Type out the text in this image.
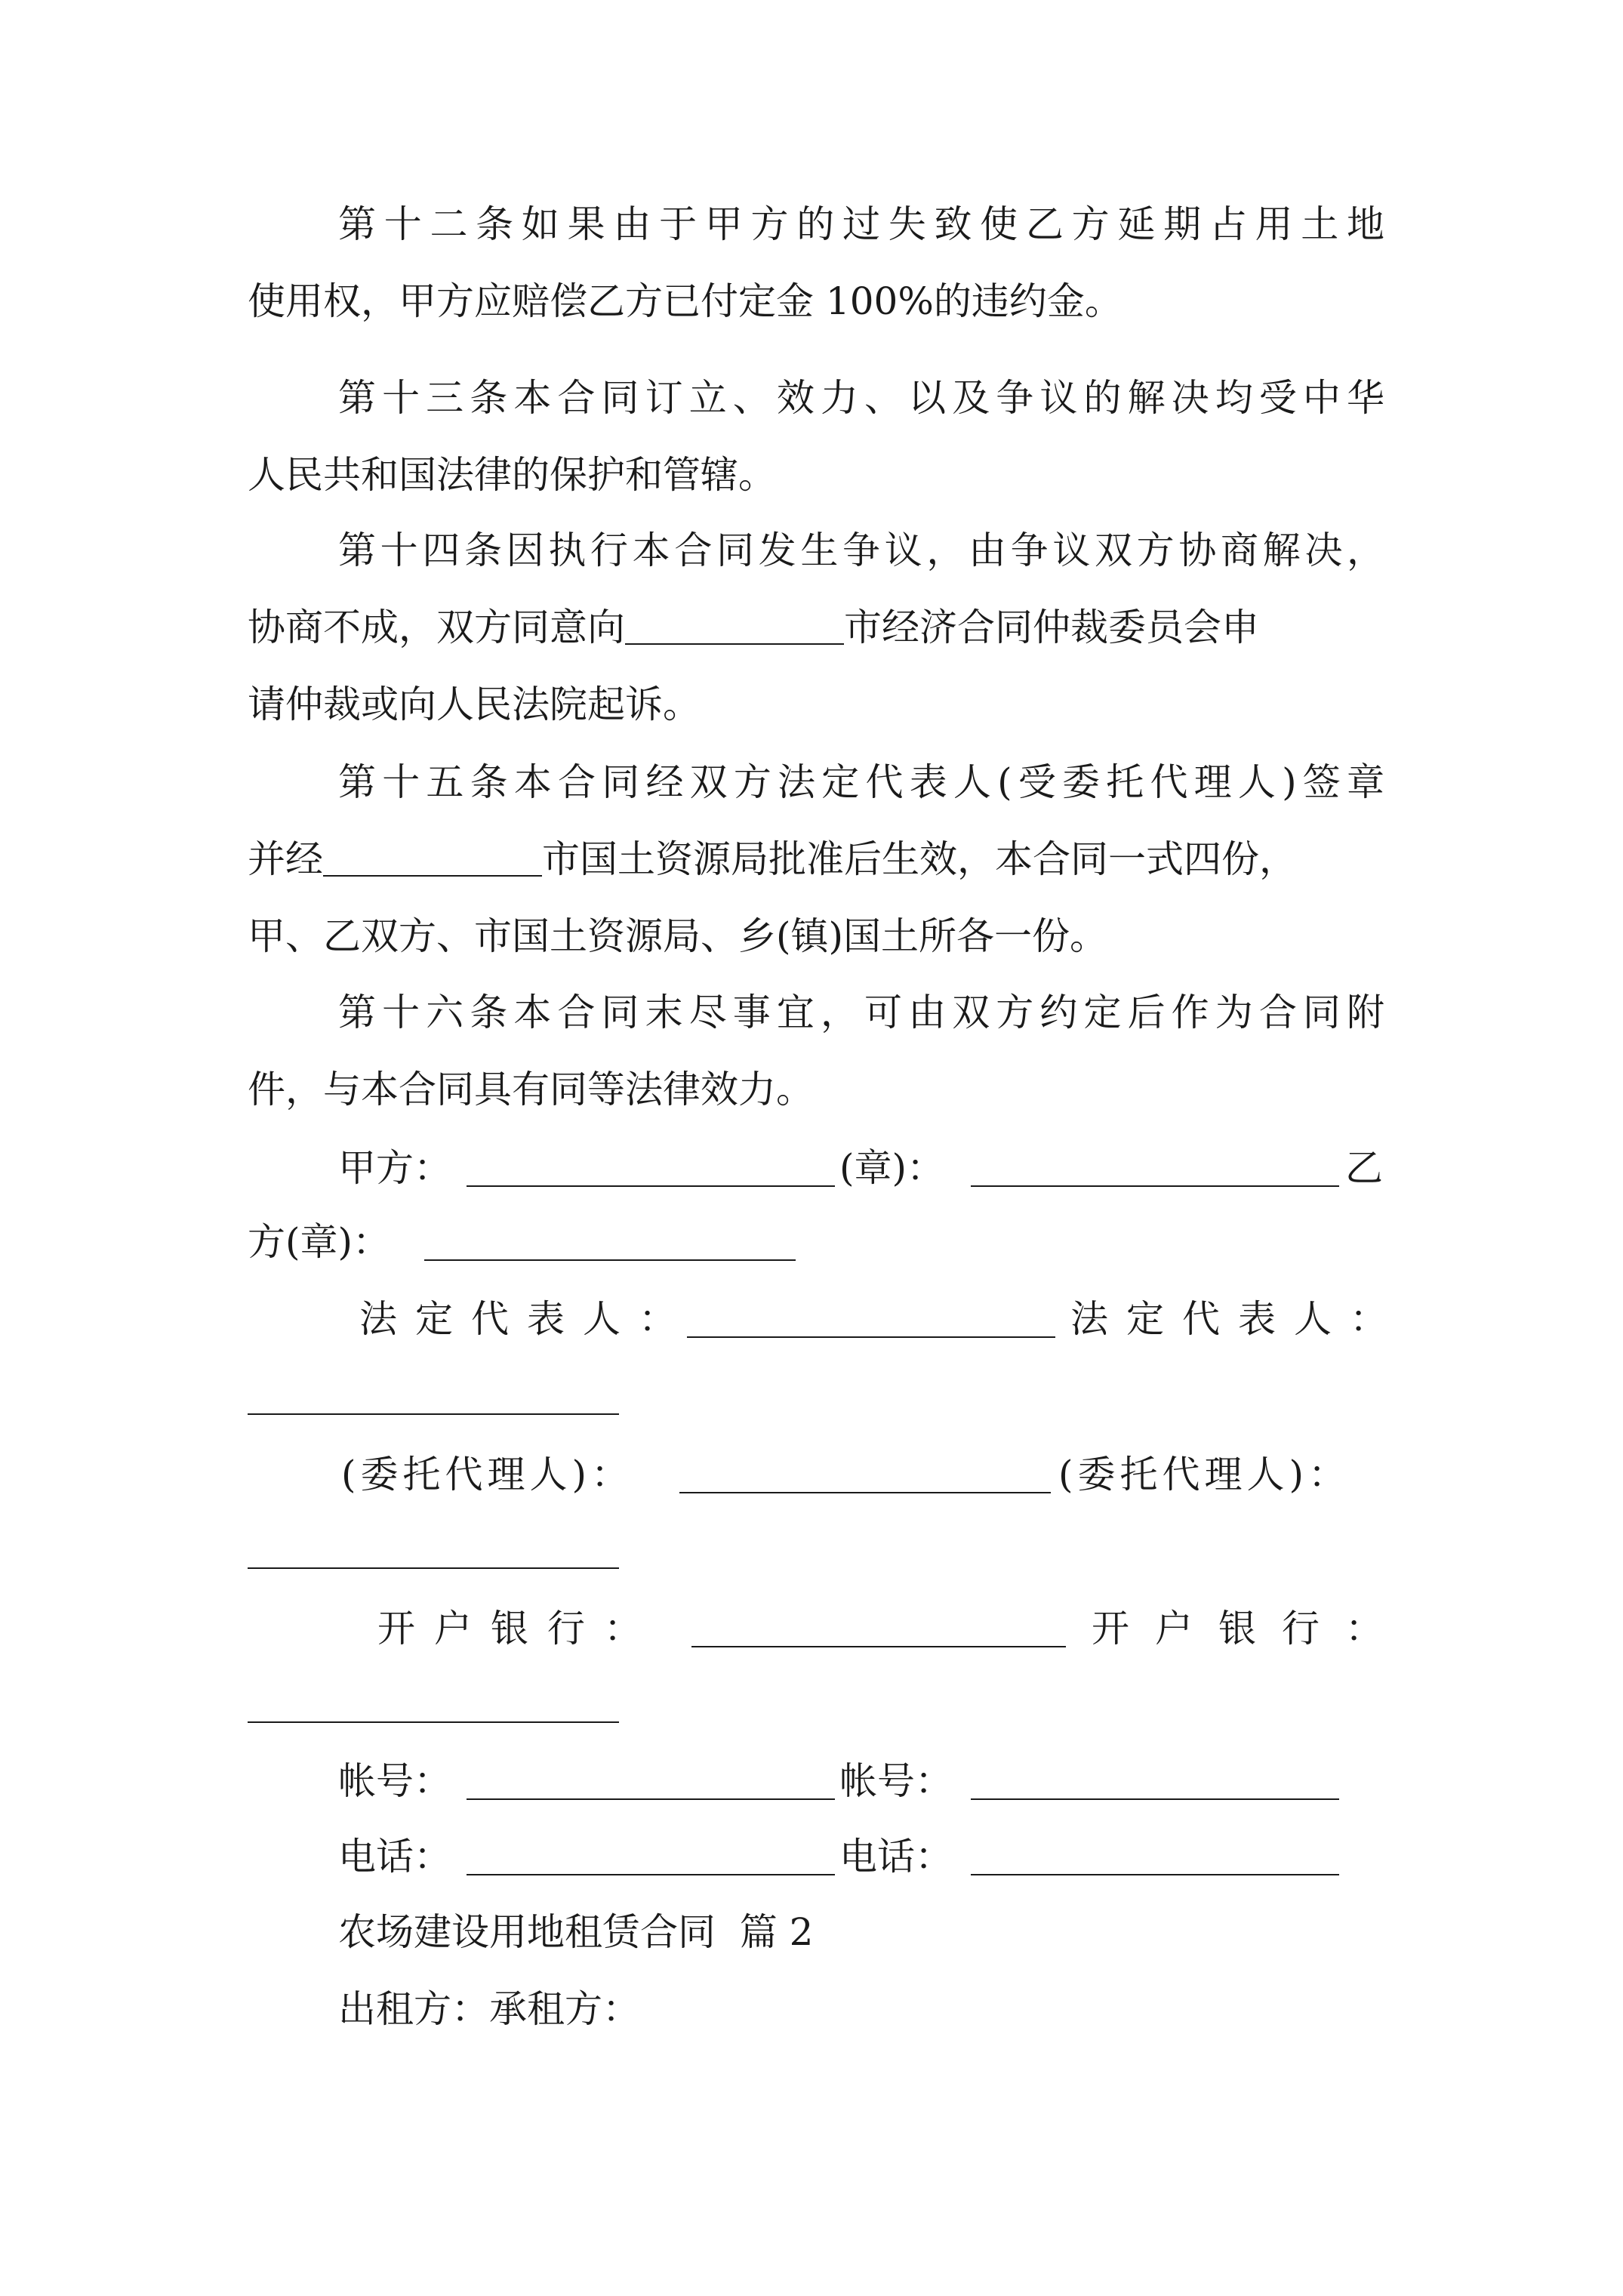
第十二条如果由于甲方的过失致使乙方延期占用土地
使用权，甲方应赔偿乙方已付定金 100%的违约金。
第十三条本合同订立、效力、以及争议的解决均受中华
人民共和国法律的保护和管辖。
第十四条因执行本合同发生争议，由争议双方协商解决，
协商不成，双方同意向	市经济合同仲裁委员会申
请仲裁或向人民法院起诉。
第十五条本合同经双方法定代表人(受委托代理人)签章
并经	市国土资源局批准后生效，本合同一式四份，
甲、乙双方、市国土资源局、乡(镇)国土所各一份。
第十六条本合同末尽事宜，可由双方约定后作为合同附
件，与本合同具有同等法律效力。
甲方：	(章)：	乙
方(章)：
法 定 代 表 人 ：	法 定 代 表 人 ：
(委托代理人)：	(委托代理人)：
开 户 银 行 ：	开 户 银 行 ：
帐号：	帐号：
电话：	电话：
农场建设用地租赁合同  篇 2
出租方：承租方：
